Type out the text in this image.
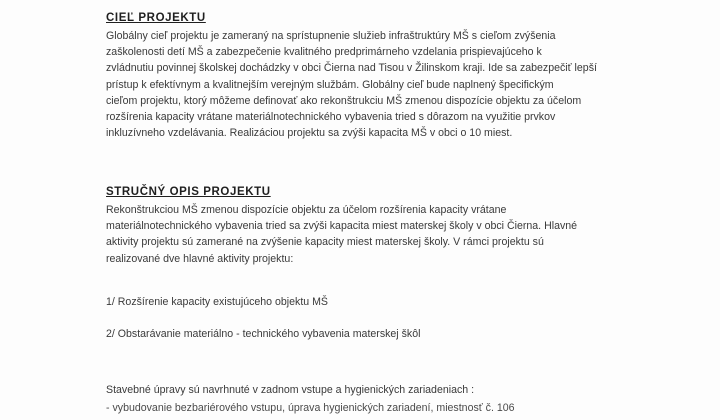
CIEĽ PROJEKTU

Globálny cieľ projektu je zameraný na sprístupnenie služieb infraštruktúry MŠ s cieľom zvýšenia

zaškolenosti detí MŠ a zabezpečenie kvalitného predprimárneho vzdelania prispievajúceho k

zvládnutiu povinnej školskej dochádzky v obci Čierna nad Tisou v Žilinskom kraji. Ide sa zabezpečiť lepší

prístup k efektívnym a kvalitnejším verejným službám. Globálny cieľ bude naplnený špecifickým

cieľom projektu, ktorý môžeme definovať ako rekonštrukciu MŠ zmenou dispozície objektu za účelom

rozšírenia kapacity vrátane materiálnotechnického vybavenia tried s dôrazom na využitie prvkov

inkluzívneho vzdelávania. Realizáciou projektu sa zvýši kapacita MŠ v obci o 10 miest.

STRUČNÝ OPIS PROJEKTU

Rekonštrukciou MŠ zmenou dispozície objektu za účelom rozšírenia kapacity vrátane

materiálnotechnického vybavenia tried sa zvýši kapacita miest materskej školy v obci Čierna. Hlavné

aktivity projektu sú zamerané na zvýšenie kapacity miest materskej školy. V rámci projektu sú

realizované dve hlavné aktivity projektu:

1/ Rozšírenie kapacity existujúceho objektu MŠ
2/ Obstarávanie materiálno - technického vybavenia materskej škôl
Stavebné úpravy sú navrhnuté v zadnom vstupe a hygienických zariadeniach :
- vybudovanie bezbariérového vstupu, úprava hygienických zariadení, miestnosť č. 106
